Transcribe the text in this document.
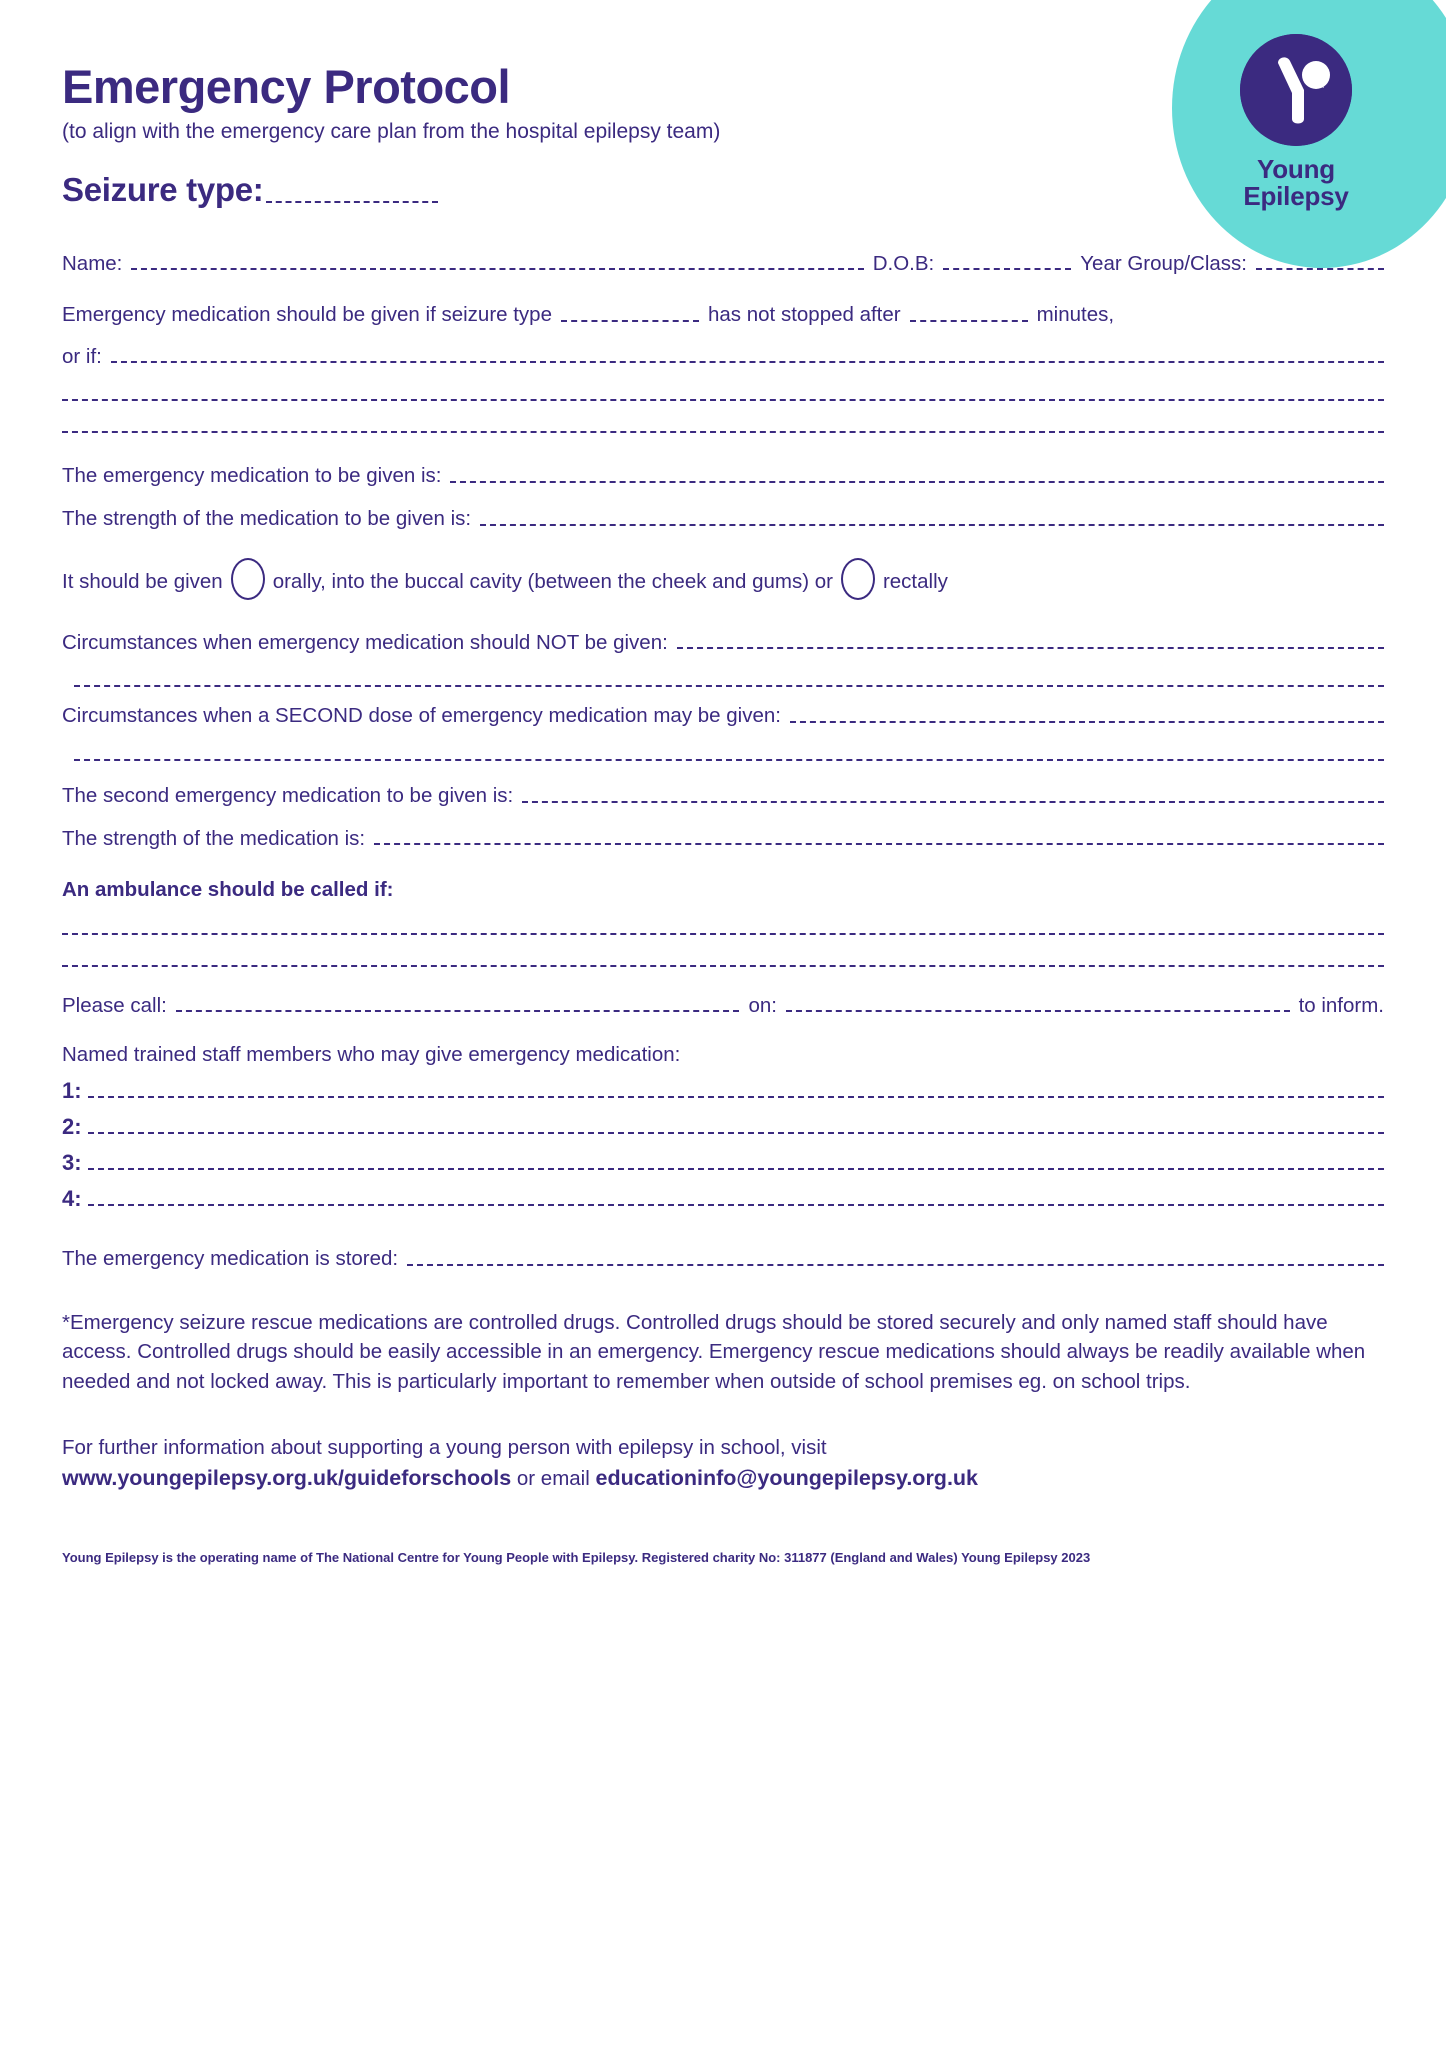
Young
Epilepsy
Emergency Protocol
(to align with the emergency care plan from the hospital epilepsy team)
Seizure type:
Name:	D.O.B:	Year Group/Class:
Emergency medication should be given if seizure type	has not stopped after	minutes,
or if:
The emergency medication to be given is:
The strength of the medication to be given is:
It should be given orally, into the buccal cavity (between the cheek and gums) or rectally
Circumstances when emergency medication should NOT be given:
Circumstances when a SECOND dose of emergency medication may be given:
The second emergency medication to be given is:
The strength of the medication is:
An ambulance should be called if:
Please call:	on:	to inform.
Named trained staff members who may give emergency medication:
1:
2:
3:
4:
The emergency medication is stored:
*Emergency seizure rescue medications are controlled drugs. Controlled drugs should be stored securely and only named staff should have access. Controlled drugs should be easily accessible in an emergency. Emergency rescue medications should always be readily available when needed and not locked away. This is particularly important to remember when outside of school premises eg. on school trips.
For further information about supporting a young person with epilepsy in school, visit
www.youngepilepsy.org.uk/guideforschools or email educationinfo@youngepilepsy.org.uk
Young Epilepsy is the operating name of The National Centre for Young People with Epilepsy. Registered charity No: 311877 (England and Wales) Young Epilepsy 2023
